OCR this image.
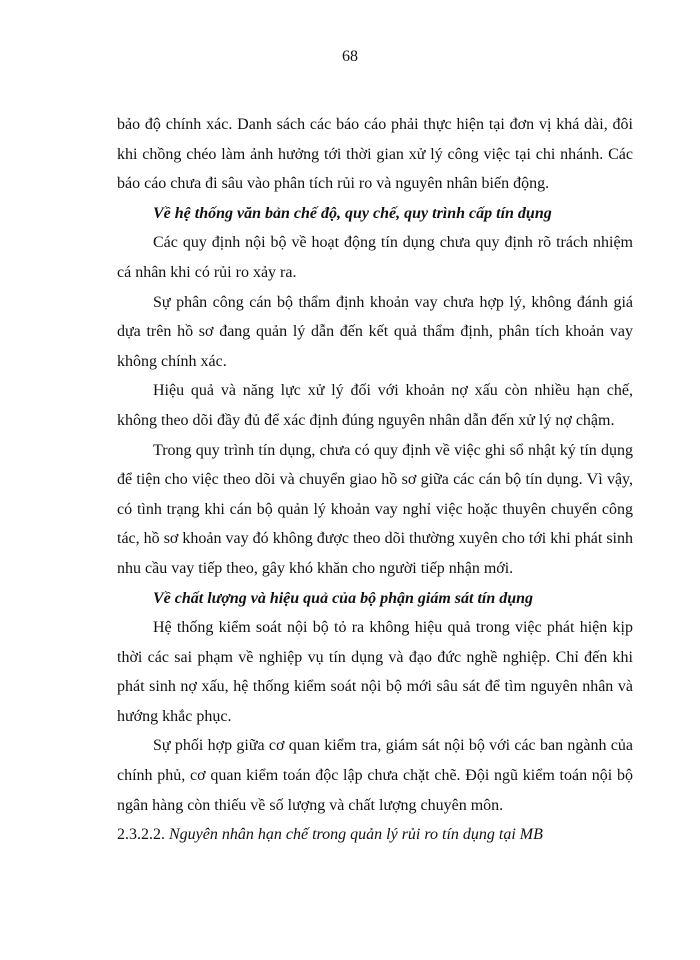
68

bảo độ chính xác. Danh sách các báo cáo phải thực hiện tại đơn vị khá dài, đôi khi chồng chéo làm ảnh hưởng tới thời gian xử lý công việc tại chi nhánh. Các báo cáo chưa đi sâu vào phân tích rủi ro và nguyên nhân biến động.

Về hệ thống văn bản chế độ, quy chế, quy trình cấp tín dụng

Các quy định nội bộ về hoạt động tín dụng chưa quy định rõ trách nhiệm cá nhân khi có rủi ro xảy ra.

Sự phân công cán bộ thẩm định khoản vay chưa hợp lý, không đánh giá dựa trên hồ sơ đang quản lý dẫn đến kết quả thẩm định, phân tích khoản vay không chính xác.

Hiệu quả và năng lực xử lý đối với khoản nợ xấu còn nhiều hạn chế, không theo dõi đầy đủ để xác định đúng nguyên nhân dẫn đến xử lý nợ chậm.

Trong quy trình tín dụng, chưa có quy định về việc ghi sổ nhật ký tín dụng để tiện cho việc theo dõi và chuyển giao hồ sơ giữa các cán bộ tín dụng. Vì vậy, có tình trạng khi cán bộ quản lý khoản vay nghỉ việc hoặc thuyên chuyển công tác, hồ sơ khoản vay đó không được theo dõi thường xuyên cho tới khi phát sinh nhu cầu vay tiếp theo, gây khó khăn cho người tiếp nhận mới.

Về chất lượng và hiệu quả của bộ phận giám sát tín dụng

Hệ thống kiểm soát nội bộ tỏ ra không hiệu quả trong việc phát hiện kịp thời các sai phạm về nghiệp vụ tín dụng và đạo đức nghề nghiệp. Chỉ đến khi phát sinh nợ xấu, hệ thống kiểm soát nội bộ mới sâu sát để tìm nguyên nhân và hướng khắc phục.

Sự phối hợp giữa cơ quan kiểm tra, giám sát nội bộ với các ban ngành của chính phủ, cơ quan kiểm toán độc lập chưa chặt chẽ. Đội ngũ kiểm toán nội bộ ngân hàng còn thiếu về số lượng và chất lượng chuyên môn.

2.3.2.2. Nguyên nhân hạn chế trong quản lý rủi ro tín dụng tại MB
